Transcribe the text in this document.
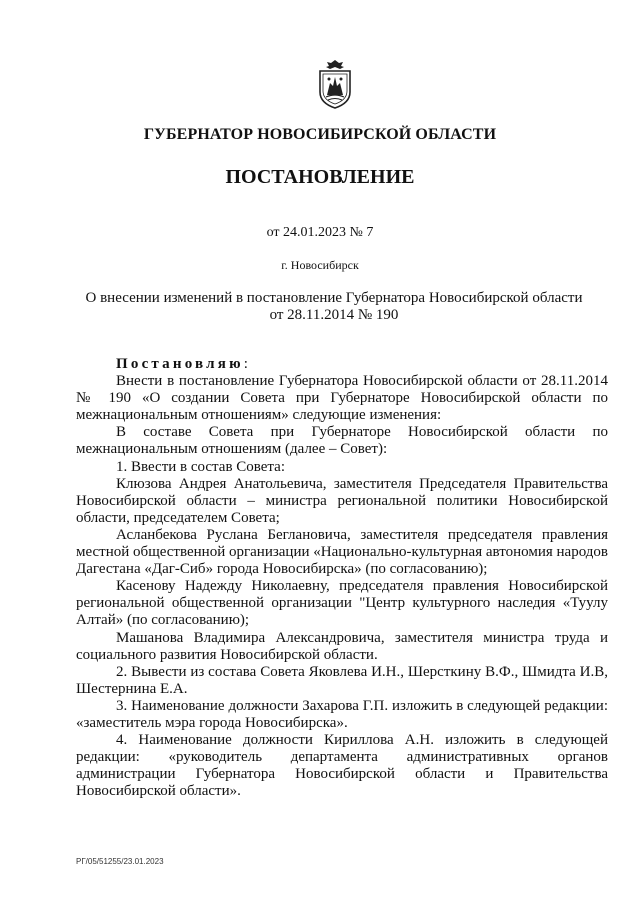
ГУБЕРНАТОР НОВОСИБИРСКОЙ ОБЛАСТИ
ПОСТАНОВЛЕНИЕ
от 24.01.2023 № 7
г. Новосибирск
О внесении изменений в постановление Губернатора Новосибирской области
от 28.11.2014 № 190

Постановляю:

Внести в постановление Губернатора Новосибирской области от 28.11.2014 № 190 «О создании Совета при Губернаторе Новосибирской области по межнациональным отношениям» следующие изменения:

В составе Совета при Губернаторе Новосибирской области по межнациональным отношениям (далее – Совет):

1. Ввести в состав Совета:

Клюзова Андрея Анатольевича, заместителя Председателя Правительства Новосибирской области – министра региональной политики Новосибирской области, председателем Совета;

Асланбекова Руслана Беглановича, заместителя председателя правления местной общественной организации «Национально-культурная автономия народов Дагестана «Даг-Сиб» города Новосибирска» (по согласованию);

Касенову Надежду Николаевну, председателя правления Новосибирской региональной общественной организации "Центр культурного наследия «Туулу Алтай» (по согласованию);

Машанова Владимира Александровича, заместителя министра труда и социального развития Новосибирской области.

2. Вывести из состава Совета Яковлева И.Н., Шерсткину В.Ф., Шмидта И.В, Шестернина Е.А.

3. Наименование должности Захарова Г.П. изложить в следующей редакции: «заместитель мэра города Новосибирска».

4. Наименование должности Кириллова А.Н. изложить в следующей редакции: «руководитель департамента административных органов администрации Губернатора Новосибирской области и Правительства Новосибирской области».

РГ/05/51255/23.01.2023
